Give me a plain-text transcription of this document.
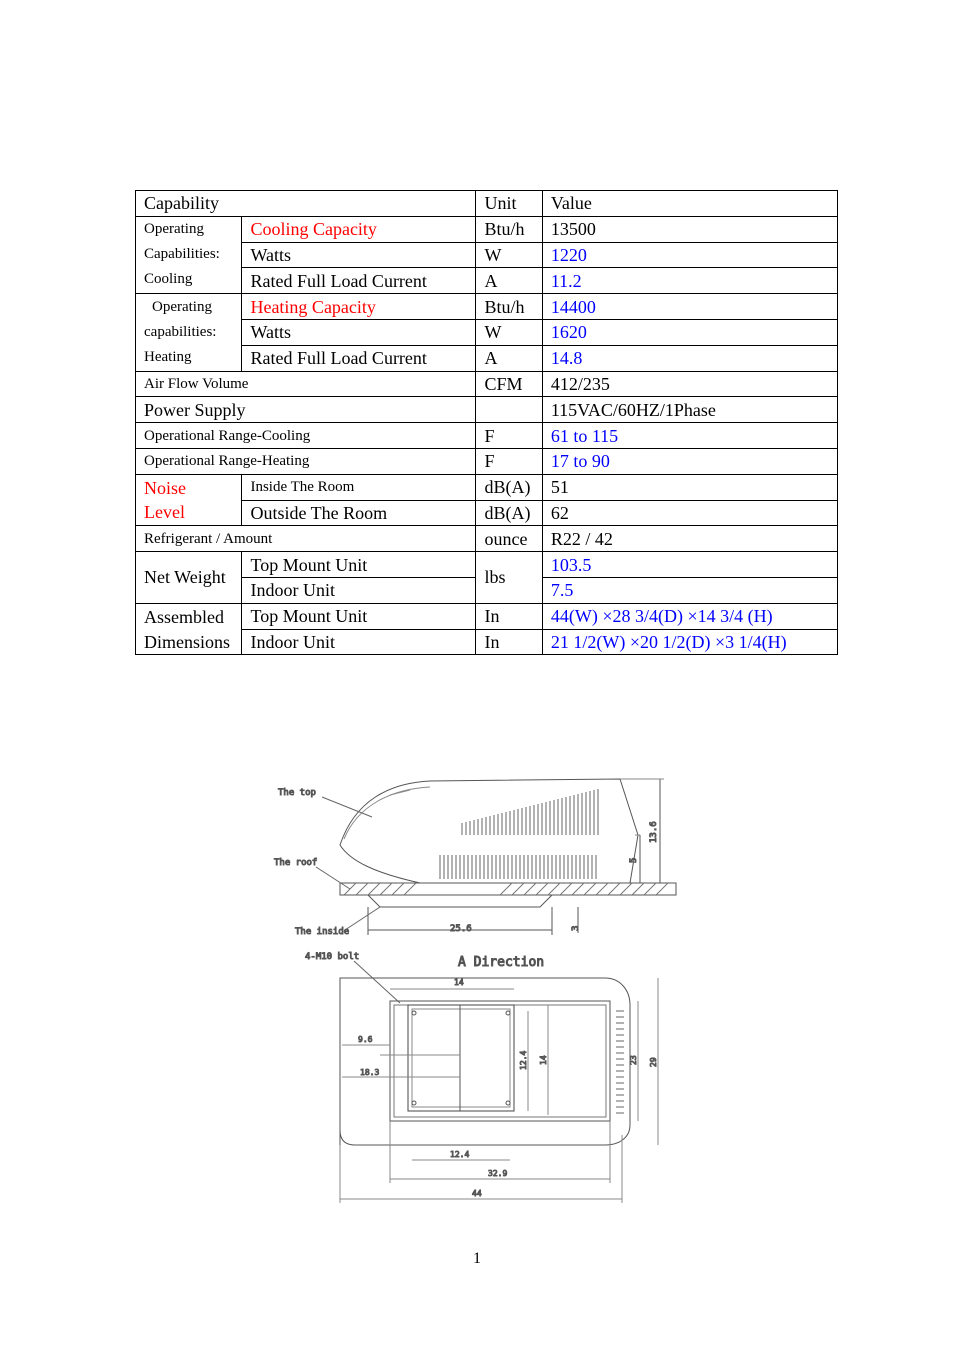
Capability		Unit	Value

Operating
Capabilities:
Cooling	Cooling Capacity	Btu/h	13500
	Watts	W	1220
	Rated Full Load Current	A	11.2

Operating
capabilities:
Heating	Heating Capacity	Btu/h	14400
	Watts	W	1620
	Rated Full Load Current	A	14.8
Air Flow Volume		CFM	412/235
Power Supply			115VAC/60HZ/1Phase
Operational Range-Cooling		F	61 to 115
Operational Range-Heating		F	17 to 90

Noise
Level	Inside The Room	dB(A)	51
	Outside The Room	dB(A)	62
Refrigerant / Amount		ounce	R22 / 42
Net Weight	Top Mount Unit	lbs	103.5
	Indoor Unit		7.5

Assembled
Dimensions	Top Mount Unit	In	44(W) ×28 3/4(D) ×14 3/4 (H)
	Indoor Unit	In	21 1/2(W) ×20 1/2(D) ×3 1/4(H)
The top
The roof
The inside	25.6
13.6
5
3
4-M10 bolt	A Direction
14
9.6
18.3
12.4 14	23 29
12.4
32.9
44
1
